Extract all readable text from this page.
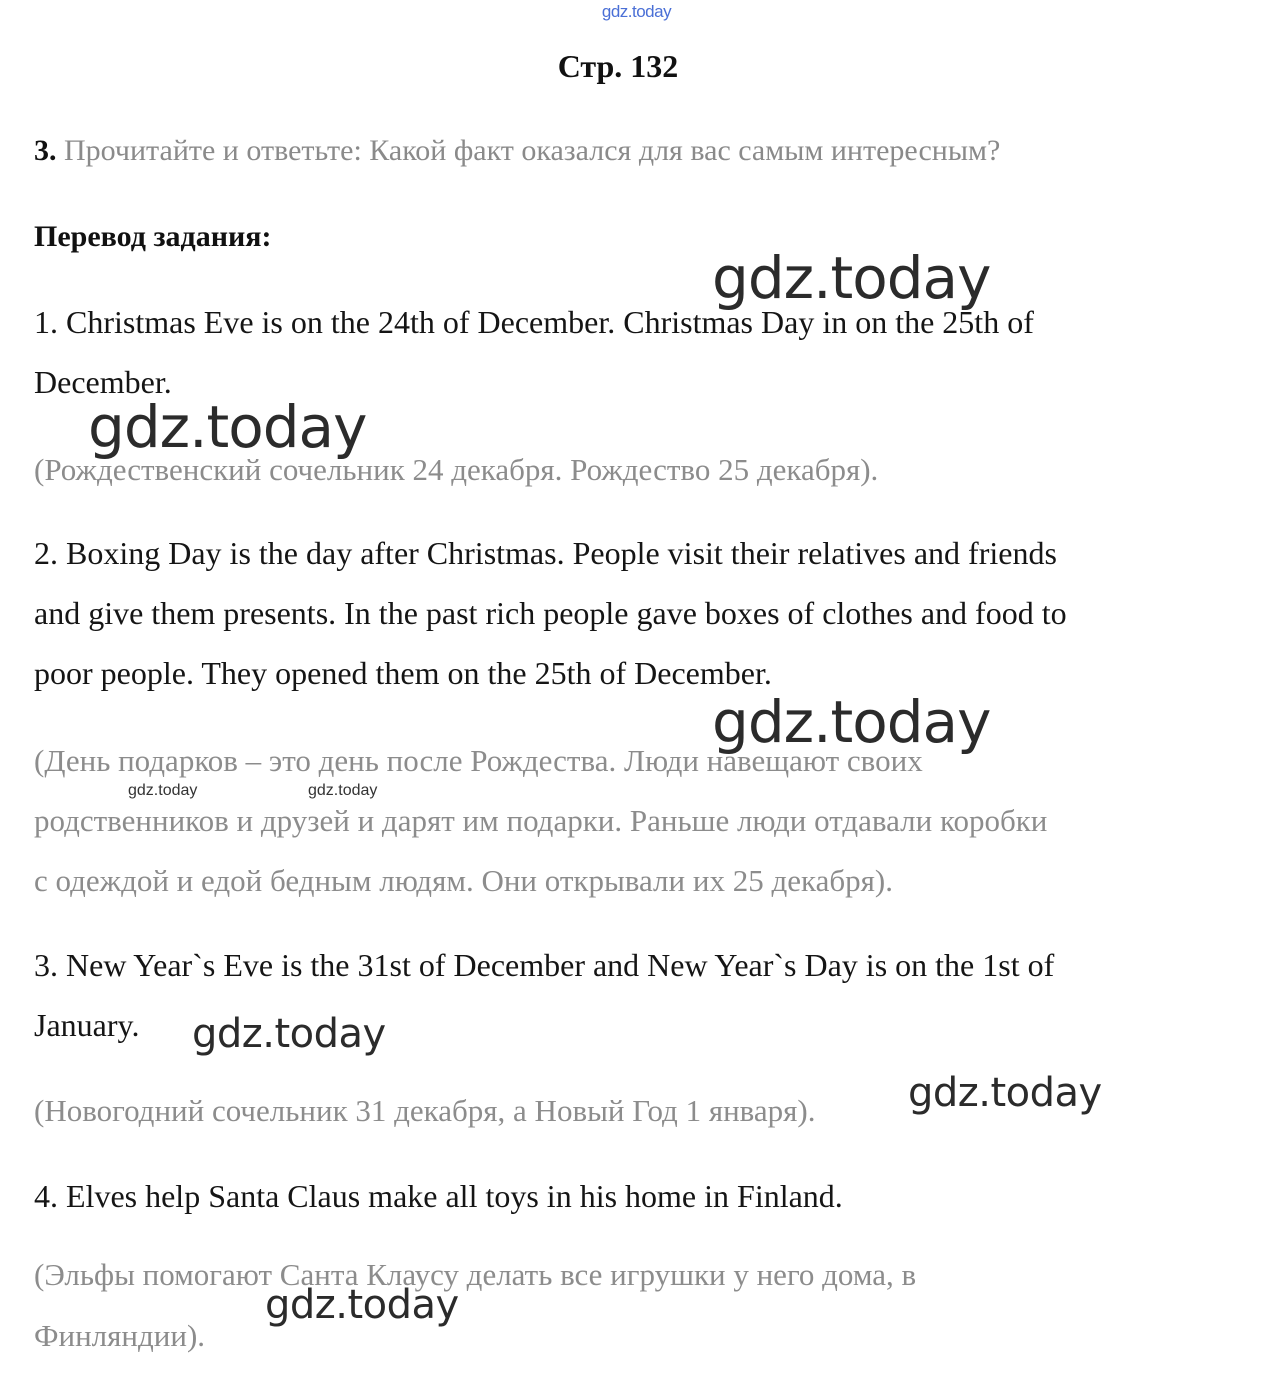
gdz.today
Стр. 132
3. Прочитайте и ответьте: Какой факт оказался для вас самым интересным?
Перевод задания:
1. Christmas Eve is on the 24th of December. Christmas Day in on the 25th of
December.
(Рождественский сочельник 24 декабря. Рождество 25 декабря).
2. Boxing Day is the day after Christmas. People visit their relatives and friends
and give them presents. In the past rich people gave boxes of clothes and food to
poor people. They opened them on the 25th of December.
(День подарков – это день после Рождества. Люди навещают своих
родственников и друзей и дарят им подарки. Раньше люди отдавали коробки
с одеждой и едой бедным людям. Они открывали их 25 декабря).
3. New Year`s Eve is the 31st of December and New Year`s Day is on the 1st of
January.
(Новогодний сочельник 31 декабря, а Новый Год 1 января).
4. Elves help Santa Claus make all toys in his home in Finland.
(Эльфы помогают Санта Клаусу делать все игрушки у него дома, в
Финляндии).
gdz.today
gdz.today
gdz.today
gdz.today	gdz.today
gdz.today
gdz.today
gdz.today
